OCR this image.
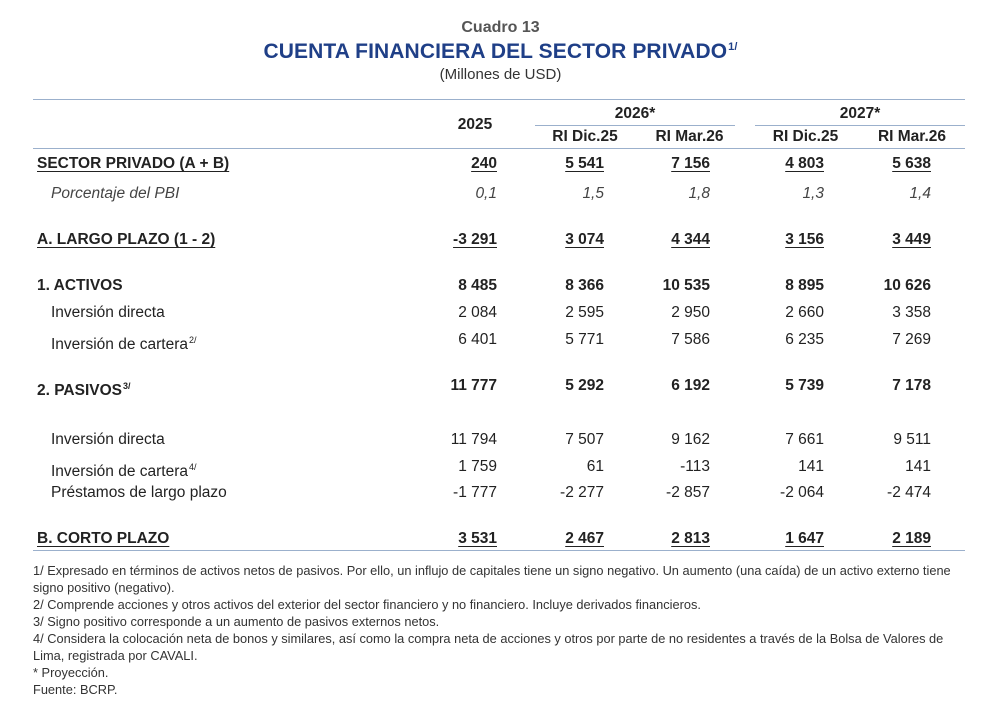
Cuadro 13
CUENTA FINANCIERA DEL SECTOR $PRIVADO^{1/}$
(Millones de USD)
2025
2026*	2027*
RI Dic.25	RI Mar.26	RI Dic.25	RI Mar.26
SECTOR PRIVADO (A + B)	240	5 541	7 156	4 803	5 638
Porcentaje del PBI	0,1	1,5	1,8	1,3	1,4
A. LARGO PLAZO (1 - 2)	-3 291	3 074	4 344	3 156	3 449
1. ACTIVOS	8 485	8 366	10 535	8 895	10 626
Inversión directa	2 084	2 595	2 950	2 660	3 358
Inversión de cartera$^{2/}$	6 401	5 771	7 586	6 235	7 269
2. $PASIVOS^{3/}$	11 777	5 292	6 192	5 739	7 178
Inversión directa	11 794	7 507	9 162	7 661	9 511
Inversión de cartera$^{4/}$	1 759	61	-113	141	141
Préstamos de largo plazo	-1 777	-2 277	-2 857	-2 064	-2 474
B. CORTO PLAZO	3 531	2 467	2 813	1 647	2 189
1/ Expresado en términos de activos netos de pasivos. Por ello, un influjo de capitales tiene un signo negativo. Un aumento (una caída) de un activo externo tiene signo positivo (negativo).
2/ Comprende acciones y otros activos del exterior del sector financiero y no financiero. Incluye derivados financieros.
3/ Signo positivo corresponde a un aumento de pasivos externos netos.
4/ Considera la colocación neta de bonos y similares, así como la compra neta de acciones y otros por parte de no residentes a través de la Bolsa de Valores de Lima, registrada por CAVALI.
* Proyección.
Fuente: BCRP.
